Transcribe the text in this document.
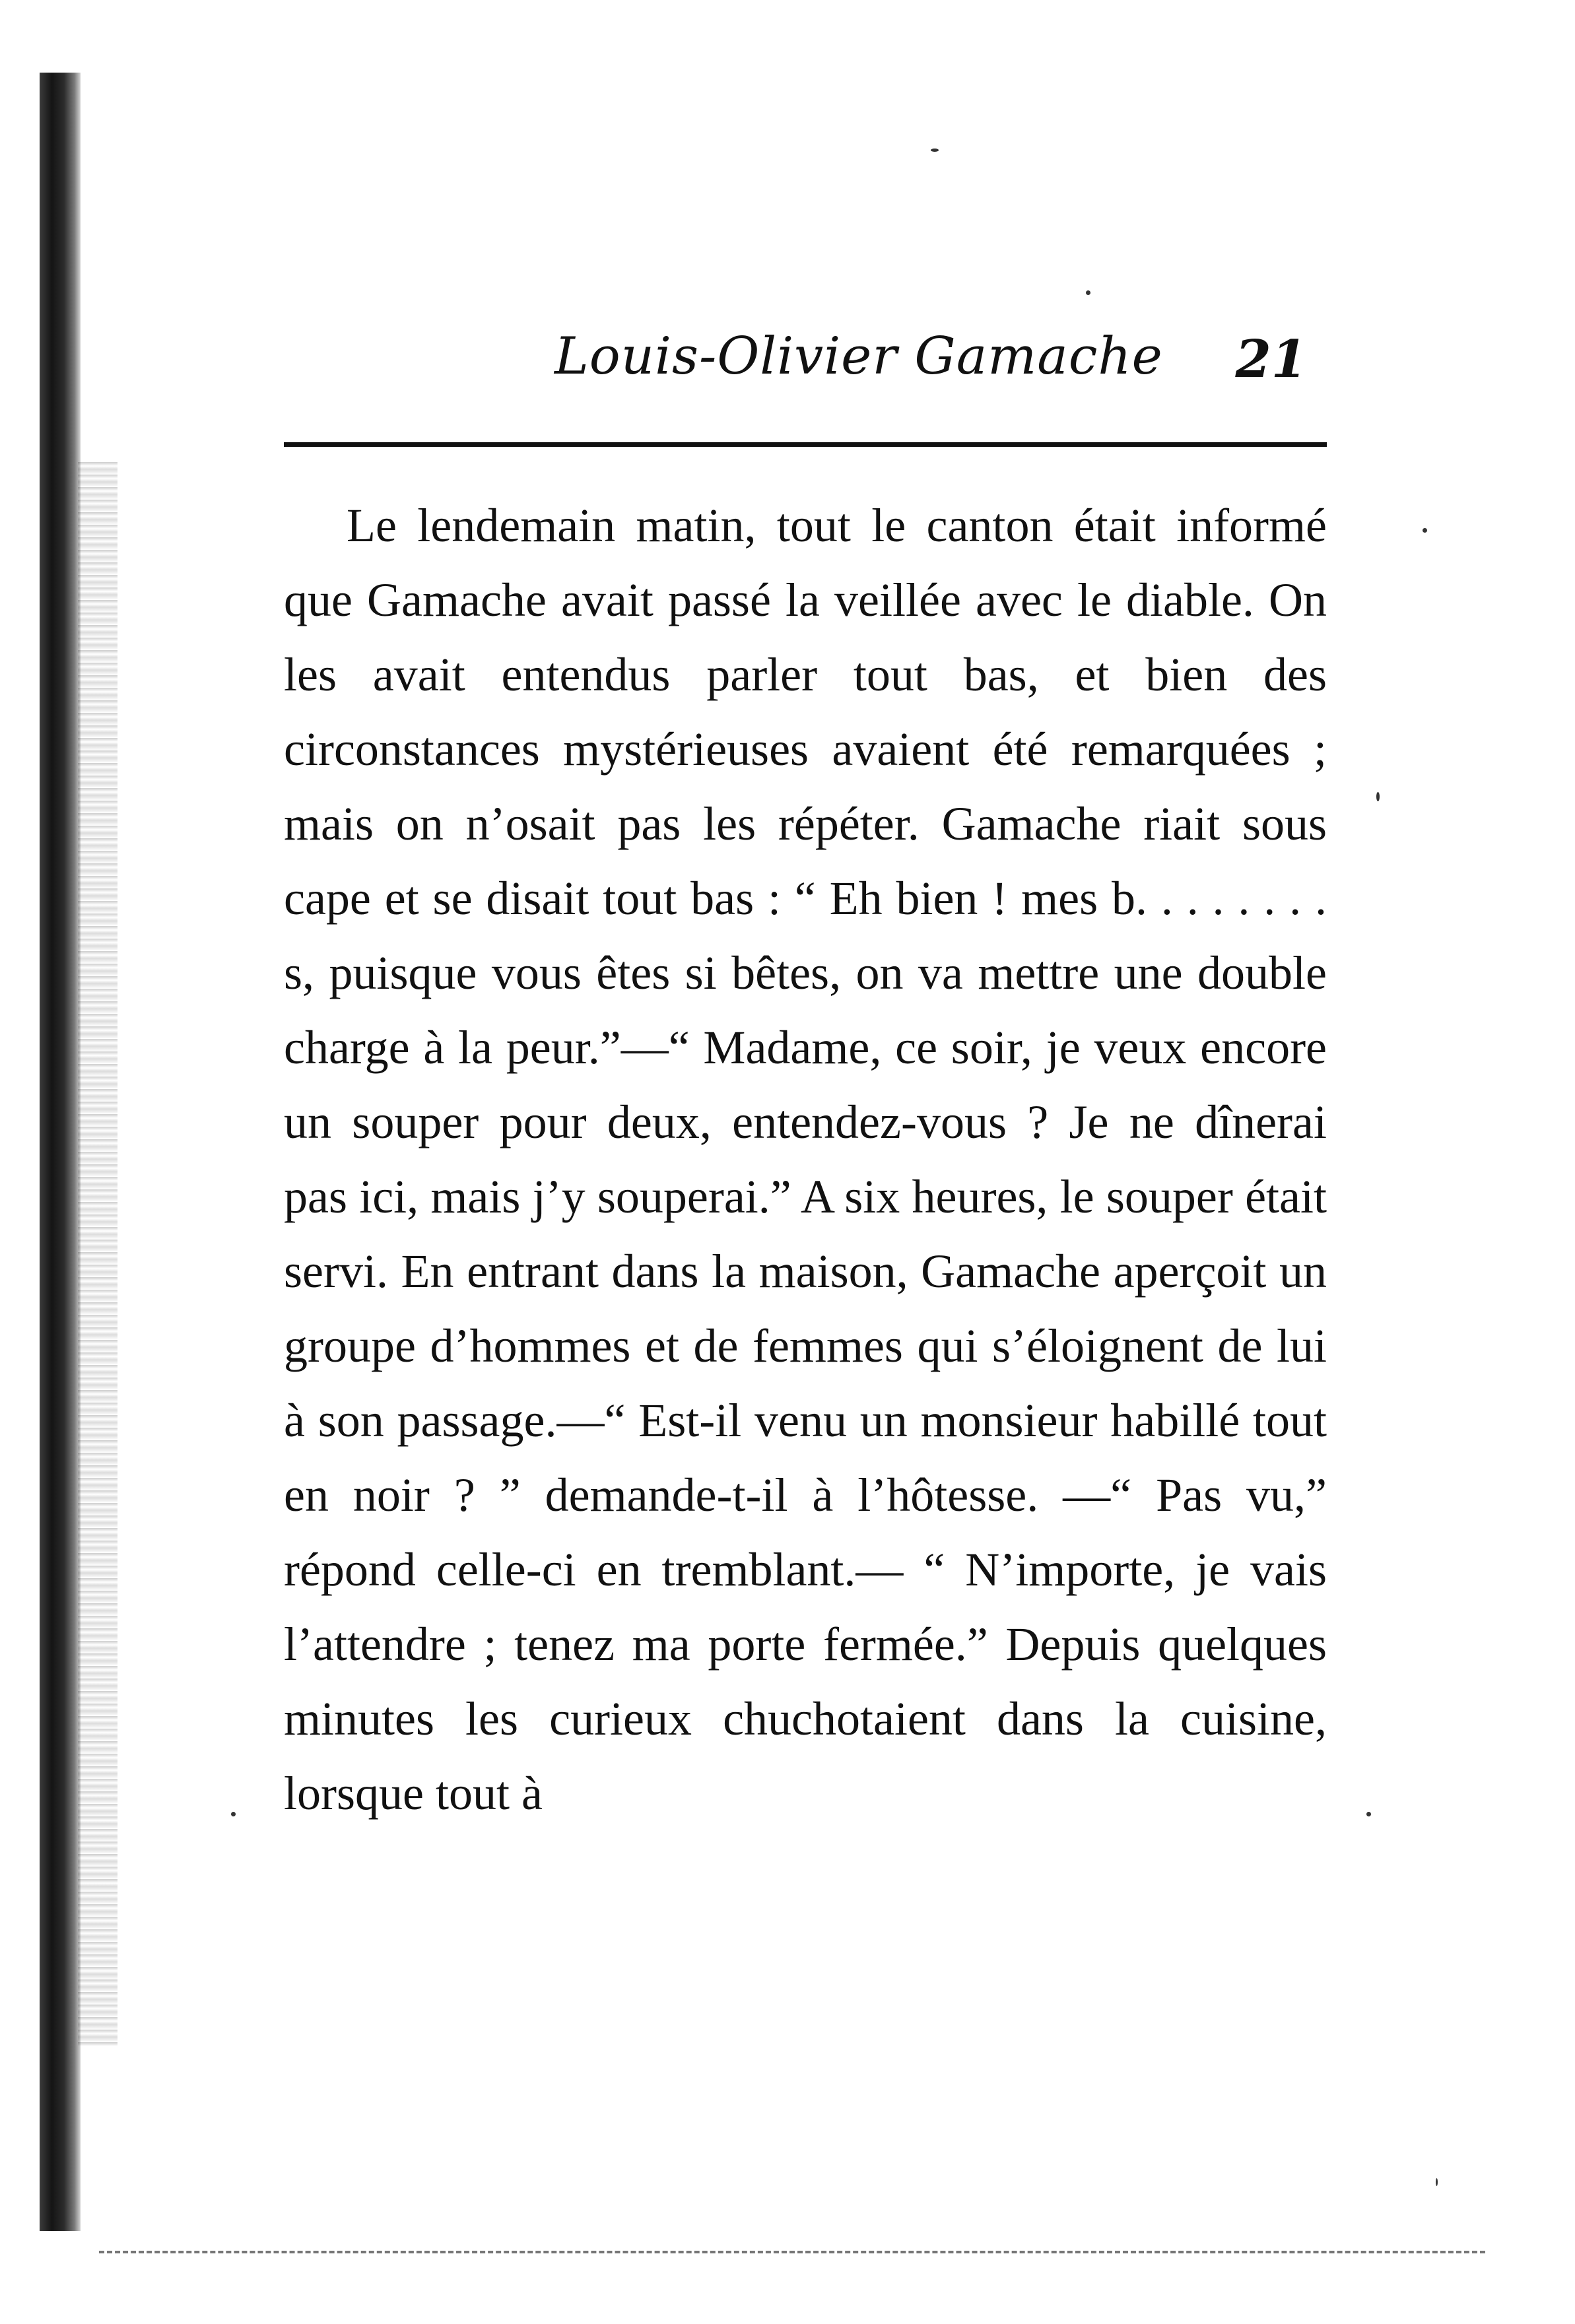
Louis-Olivier Gamache 21

Le lendemain matin, tout le canton était informé que Gamache avait passé la veillée avec le diable. On les avait entendus parler tout bas, et bien des circonstances mystérieuses avaient été remarquées ; mais on n’osait pas les répéter. Gamache riait sous cape et se disait tout bas : “ Eh bien ! mes b. . . . . . . . s, puisque vous êtes si bêtes, on va mettre une double charge à la peur.”—“ Madame, ce soir, je veux encore un souper pour deux, entendez-vous ? Je ne dînerai pas ici, mais j’y souperai.” A six heures, le souper était servi. En entrant dans la maison, Gamache aperçoit un groupe d’hommes et de femmes qui s’éloignent de lui à son passage.—“ Est-il venu un monsieur habillé tout en noir ? ” demande-t-il à l’hôtesse. —“ Pas vu,” répond celle-ci en tremblant.— “ N’importe, je vais l’attendre ; tenez ma porte fermée.” Depuis quelques minutes les curieux chuchotaient dans la cuisine, lorsque tout à
